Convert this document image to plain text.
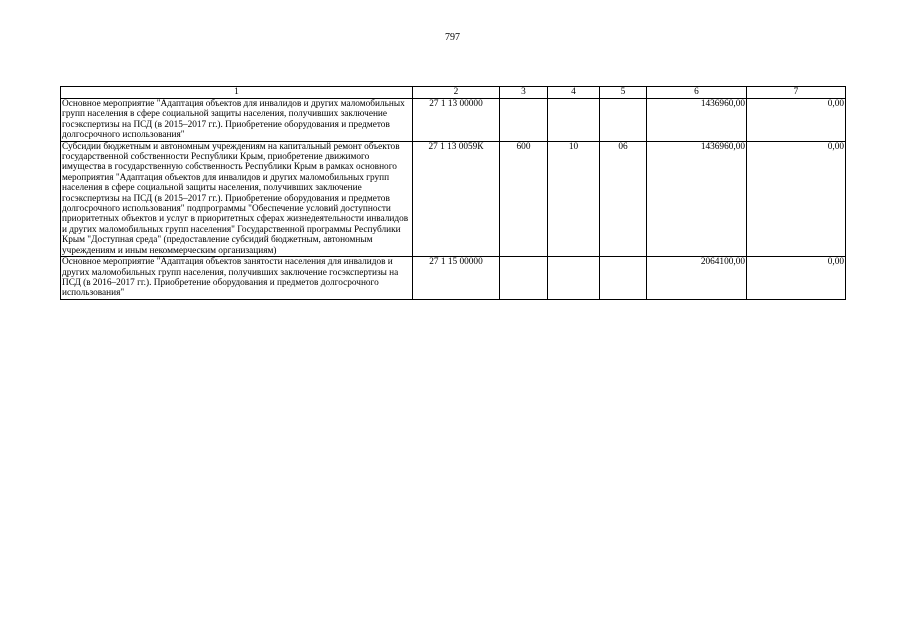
797
1	2	3	4	5	6	7
Основное мероприятие "Адаптация объектов для инвалидов и других маломобильных групп населения в сфере социальной защиты населения, получивших заключение госэкспертизы на ПСД (в 2015–2017 гг.). Приобретение оборудования и предметов долгосрочного использования"	27 1 13 00000				1436960,00	0,00
Субсидии бюджетным и автономным учреждениям на капитальный ремонт объектов государственной собственности Республики Крым, приобретение движимого имущества в государственную собственность Республики Крым в рамках основного мероприятия "Адаптация объектов для инвалидов и других маломобильных групп населения в сфере социальной защиты населения, получивших заключение госэкспертизы на ПСД (в 2015–2017 гг.). Приобретение оборудования и предметов долгосрочного использования" подпрограммы "Обеспечение условий доступности приоритетных объектов и услуг в приоритетных сферах жизнедеятельности инвалидов и других маломобильных групп населения" Государственной программы Республики Крым "Доступная среда" (предоставление субсидий бюджетным, автономным учреждениям и иным некоммерческим организациям)	27 1 13 0059К	600	10	06	1436960,00	0,00
Основное мероприятие "Адаптация объектов занятости населения для инвалидов и других маломобильных групп населения, получивших заключение госэкспертизы на ПСД (в 2016–2017 гг.). Приобретение оборудования и предметов долгосрочного использования"	27 1 15 00000				2064100,00	0,00
